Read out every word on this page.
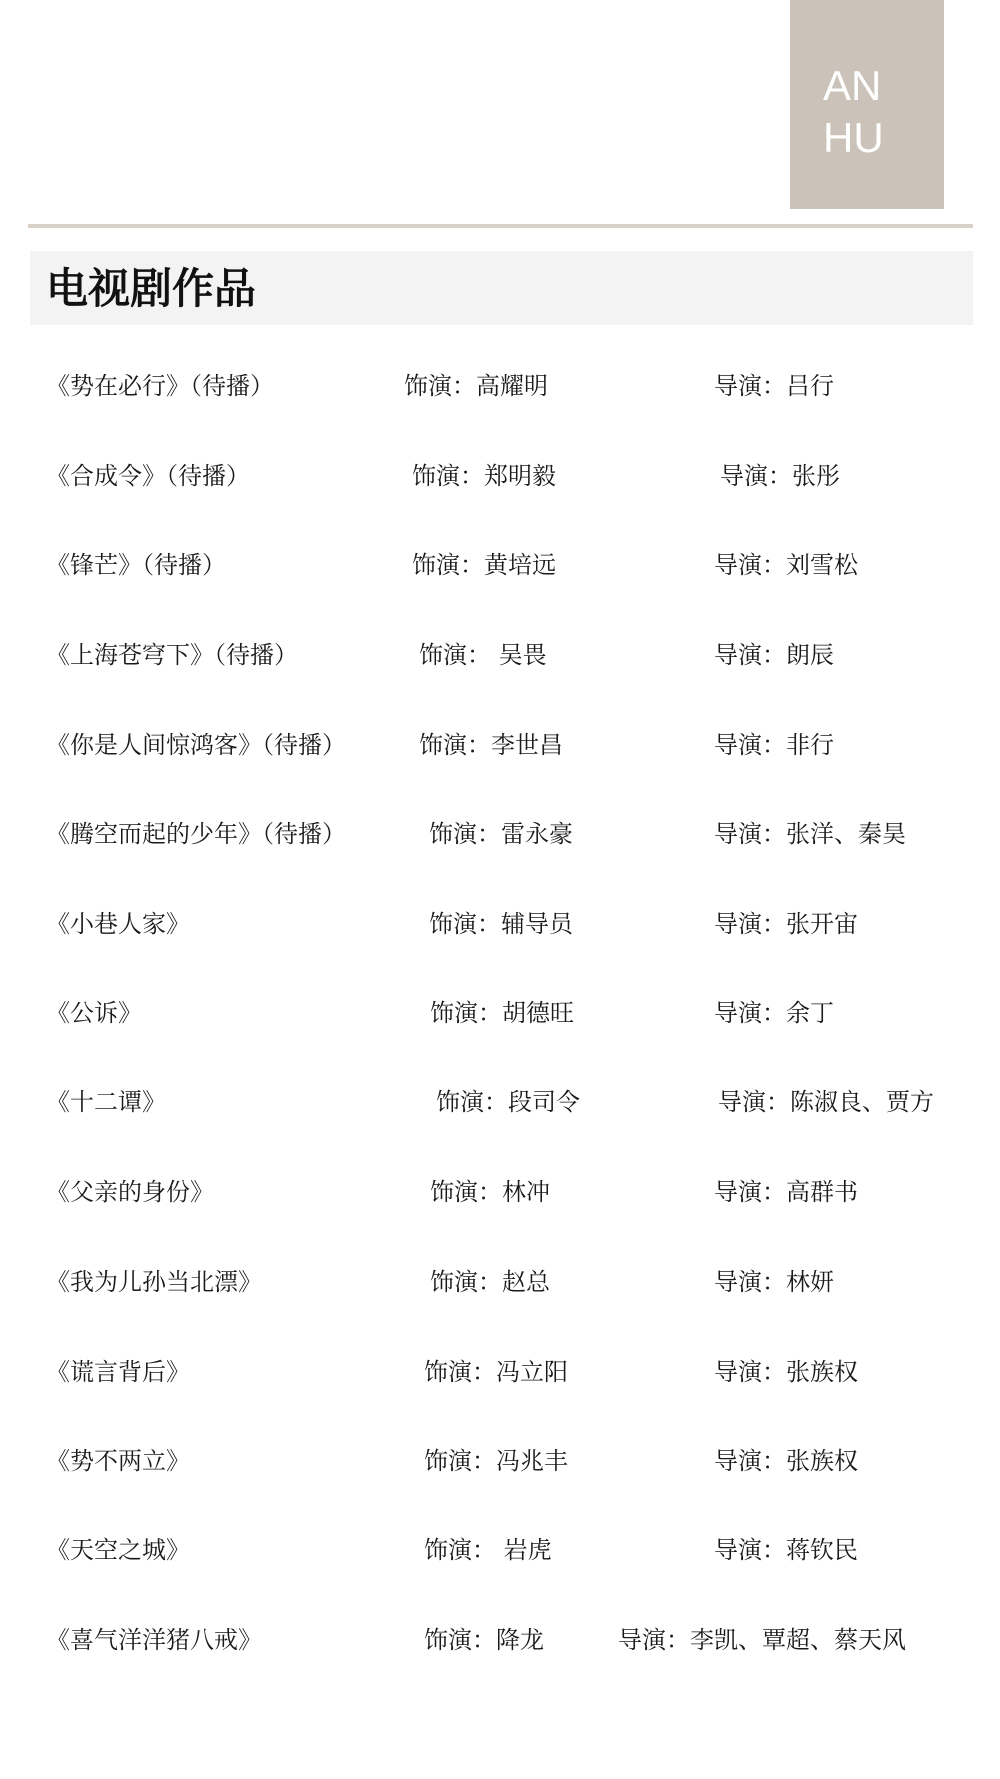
AN
HU
电视剧作品
《势在必行》（待播）	饰演：高耀明	导演：吕行
《合成令》（待播）	饰演：郑明毅	导演：张彤
《锋芒》（待播）	饰演：黄培远	导演：刘雪松
《上海苍穹下》（待播）	饰演： 吴畏	导演：朗辰
《你是人间惊鸿客》（待播）	饰演：李世昌	导演：非行
《腾空而起的少年》（待播）	饰演：雷永豪	导演：张洋、秦昊
《小巷人家》	饰演：辅导员	导演：张开宙
《公诉》	饰演：胡德旺	导演：余丁
《十二谭》	饰演：段司令	导演：陈淑良、贾方
《父亲的身份》	饰演：林冲	导演：高群书
《我为儿孙当北漂》	饰演：赵总	导演：林妍
《谎言背后》	饰演：冯立阳	导演：张族权
《势不两立》	饰演：冯兆丰	导演：张族权
《天空之城》	饰演： 岩虎	导演：蒋钦民
《喜气洋洋猪八戒》	饰演：降龙	导演：李凯、覃超、蔡天风
